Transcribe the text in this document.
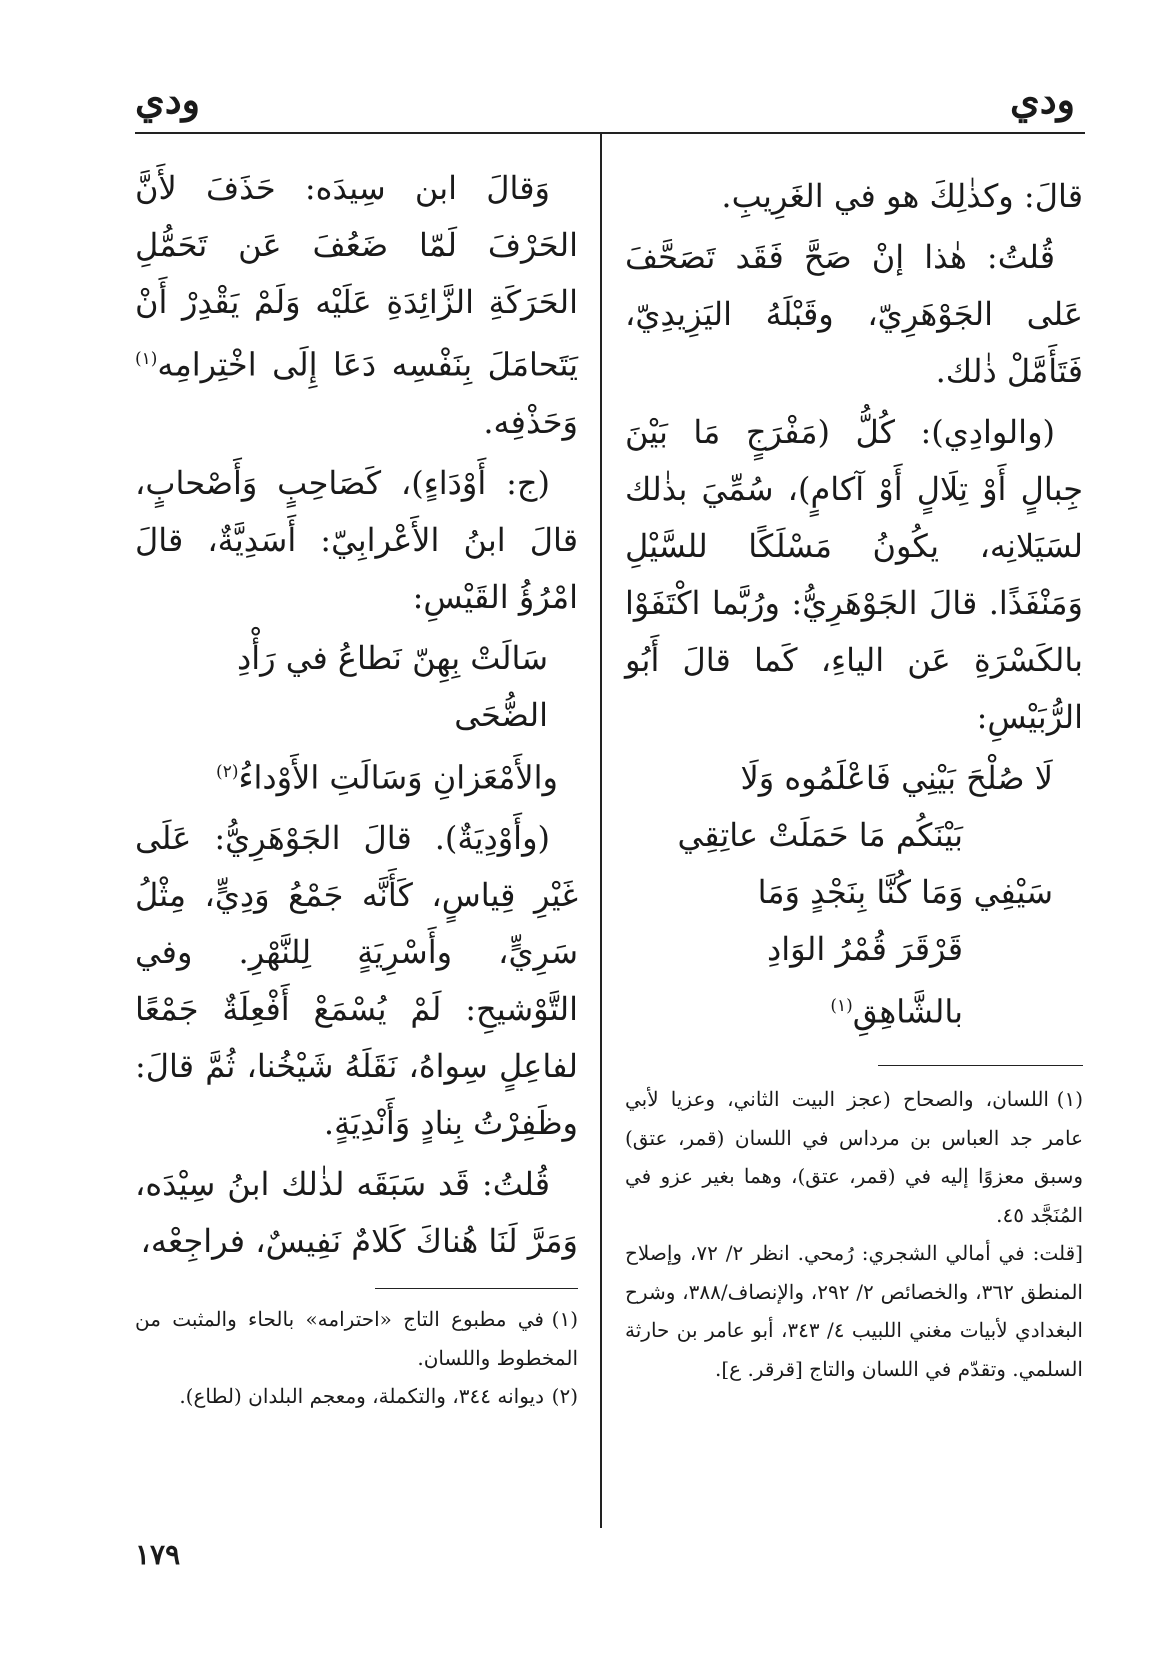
ودي
ودي

قالَ: وكذٰلِكَ هو في الغَرِيبِ.

قُلتُ: هٰذا إنْ صَحَّ فَقَد تَصَحَّفَ عَلى الجَوْهَرِيّ، وقَبْلَهُ اليَزِيدِيّ، فَتَأَمَّلْ ذٰلك.

(والوادِي): كُلُّ (مَفْرَجٍ مَا بَيْنَ جِبالٍ أَوْ تِلَالٍ أَوْ آكامٍ)، سُمِّيَ بذٰلك لسَيَلانِه، يكُونُ مَسْلَكًا للسَّيْلِ وَمَنْفَذًا. قالَ الجَوْهَرِيُّ: ورُبَّما اكْتَفَوْا بالكَسْرَةِ عَن الياءِ، كَما قالَ أَبُو الرُّبَيْسِ:

لَا صُلْحَ بَيْنِي فَاعْلَمُوه وَلَا
بَيْنَكُم مَا حَمَلَتْ عاتِقِي
سَيْفِي وَمَا كُنَّا بِنَجْدٍ وَمَا
قَرْقَرَ قُمْرُ الوَادِ بالشَّاهِقِ$^{(١)}$

(١)اللسان، والصحاح (عجز البيت الثاني، وعزيا لأبي عامر جد العباس بن مرداس في اللسان (قمر، عتق) وسبق معزوًا إليه في (قمر، عتق)، وهما بغير عزو في المُنَجَّد ٤٥.

[قلت: في أمالي الشجري: رُمحي. انظر ٢/ ٧٢، وإصلاح المنطق ٣٦٢، والخصائص ٢/ ٢٩٢، والإنصاف/٣٨٨، وشرح البغدادي لأبيات مغني اللبيب ٤/ ٣٤٣، أبو عامر بن حارثة السلمي. وتقدّم في اللسان والتاج [قرقر. ع].

وَقالَ ابن سِيدَه: حَذَفَ لأَنَّ الحَرْفَ لَمّا ضَعُفَ عَن تَحَمُّلِ الحَرَكَةِ الزَّائِدَةِ عَلَيْه وَلَمْ يَقْدِرْ أَنْ يَتَحامَلَ بِنَفْسِه دَعَا إِلَى اخْتِرامِه$^{(١)}$ وَحَذْفِه.

(ج: أَوْدَاءٍ)، كَصَاحِبٍ وَأَصْحابٍ، قالَ ابنُ الأَعْرابِيّ: أَسَدِيَّةٌ، قالَ امْرُؤُ القَيْسِ:

سَالَتْ بِهِنّ نَطاعُ في رَأْدِ الضُّحَى
والأَمْعَزانِ وَسَالَتِ الأَوْداءُ$^{(٢)}$

(وأَوْدِيَةٌ). قالَ الجَوْهَرِيُّ: عَلَى غَيْرِ قِياسٍ، كَأَنَّه جَمْعُ وَدِيٍّ، مِثْلُ سَرِيٍّ، وأَسْرِيَةٍ لِلنَّهْرِ. وفي التَّوْشيحِ: لَمْ يُسْمَعْ أَفْعِلَةٌ جَمْعًا لفاعِلٍ سِواهُ، نَقَلَهُ شَيْخُنا، ثُمَّ قالَ: وظَفِرْتُ بِنادٍ وَأَنْدِيَةٍ.

قُلتُ: قَد سَبَقَه لذٰلك ابنُ سِيْدَه، وَمَرَّ لَنَا هُناكَ كَلامٌ نَفِيسٌ، فراجِعْه،

(١)في مطبوع التاج «احترامه» بالحاء والمثبت من المخطوط واللسان.

(٢)ديوانه ٣٤٤، والتكملة، ومعجم البلدان (لطاع).

١٧٩
